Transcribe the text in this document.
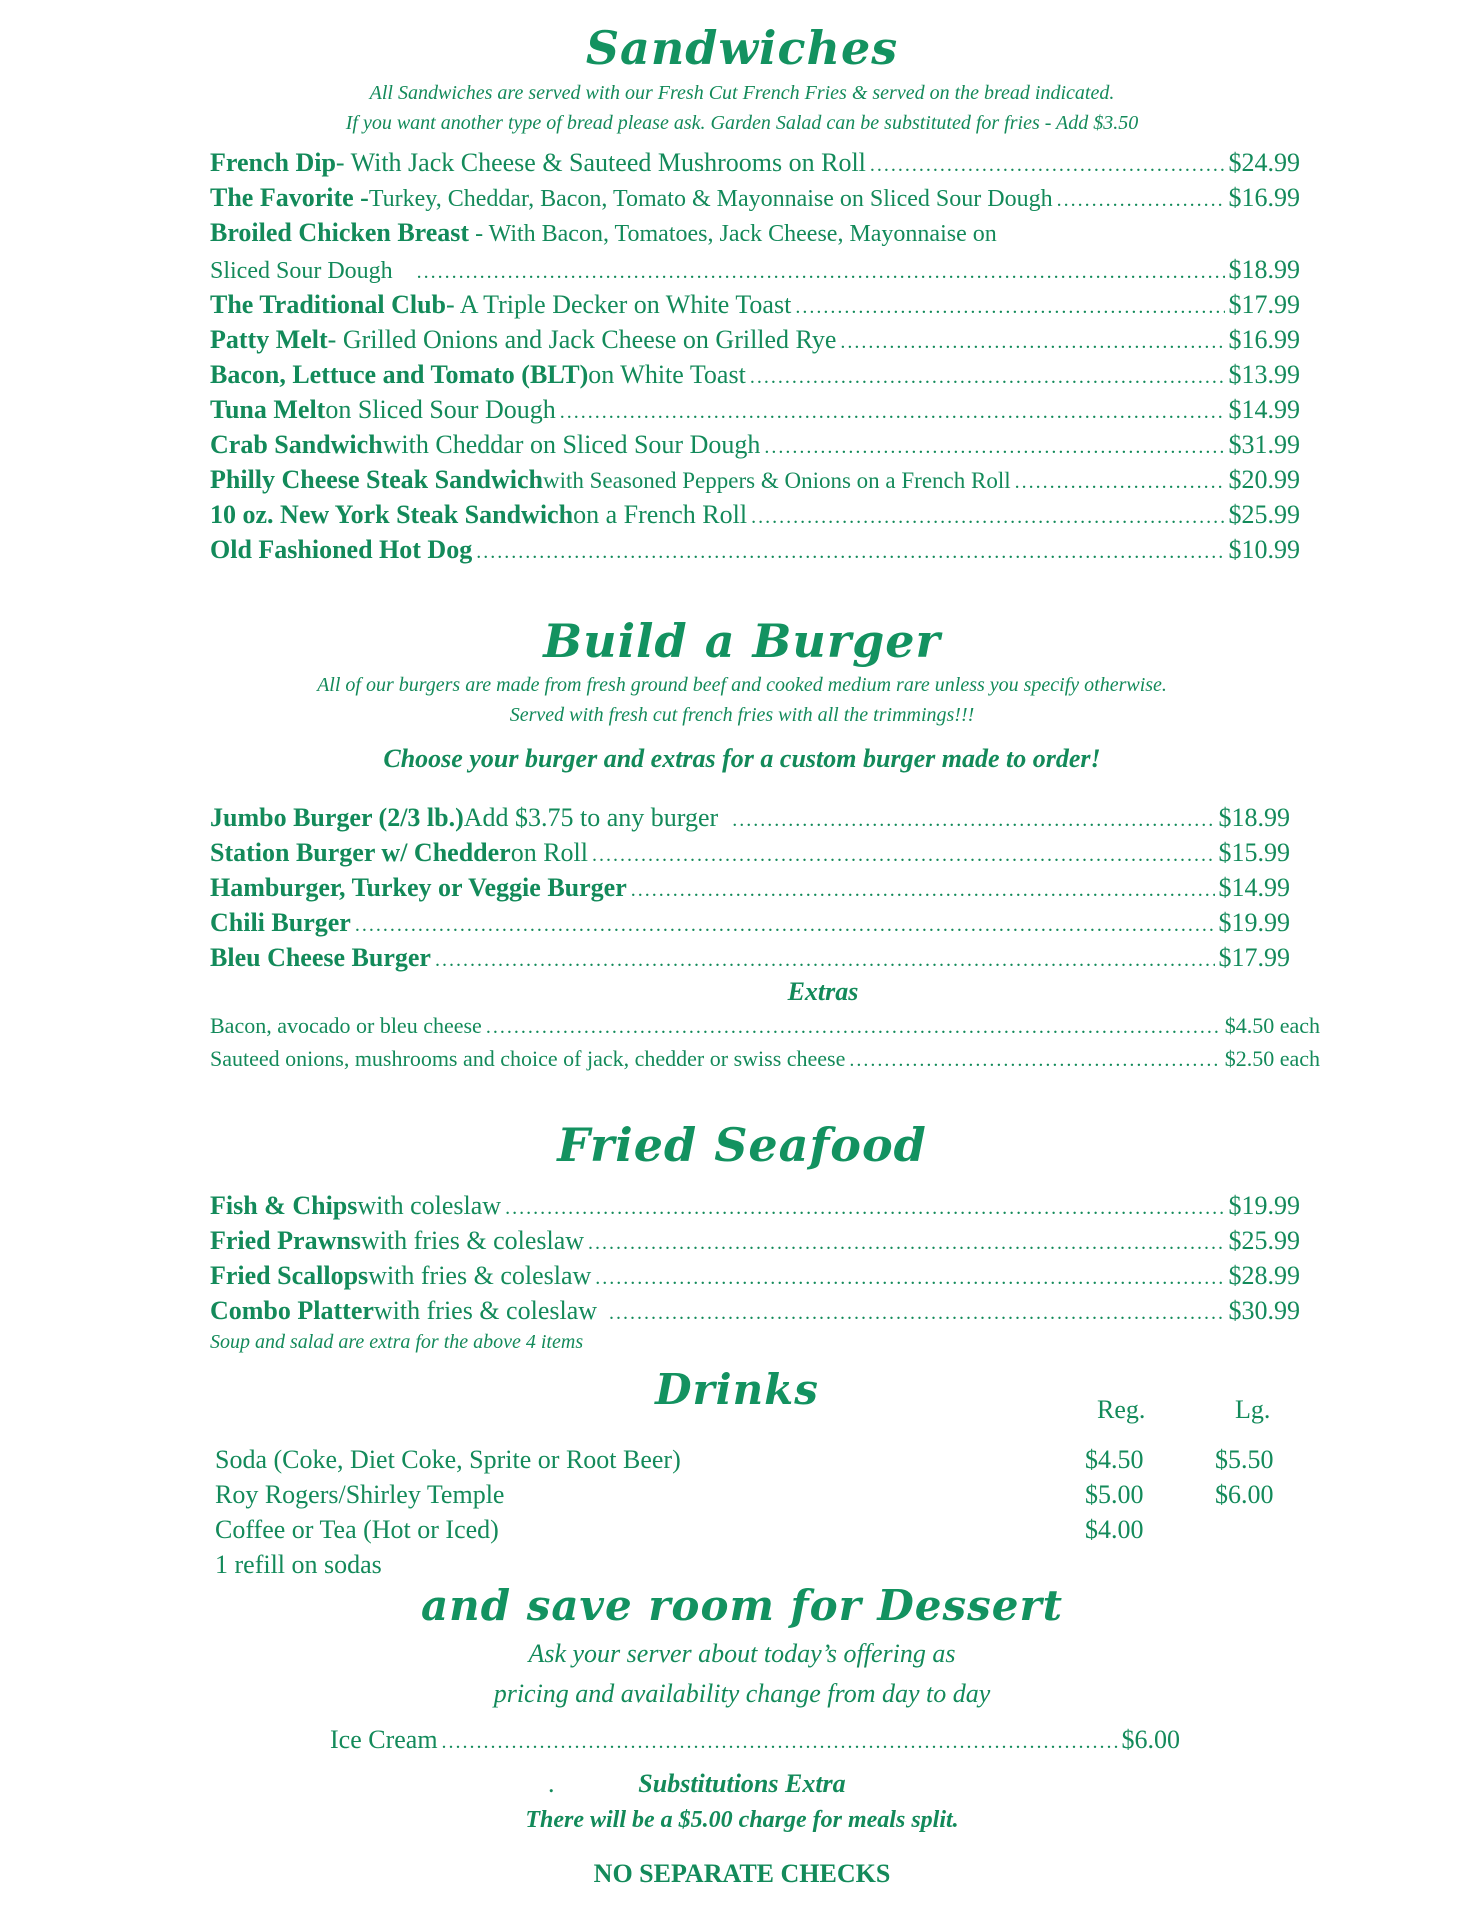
Sandwiches

All Sandwiches are served with our Fresh Cut French Fries & served on the bread indicated.

If you want another type of bread please ask. Garden Salad can be substituted for fries - Add $3.50

French Dip - With Jack Cheese & Sauteed Mushrooms on Roll .....	$24.99
The Favorite - Turkey, Cheddar, Bacon, Tomato & Mayonnaise on Sliced Sour Dough .....	$16.99
Broiled Chicken Breast - With Bacon, Tomatoes, Jack Cheese, Mayonnaise on
Sliced Sour Dough .....	$18.99
The Traditional Club - A Triple Decker on White Toast .....	$17.99
Patty Melt - Grilled Onions and Jack Cheese on Grilled Rye .....	$16.99
Bacon, Lettuce and Tomato (BLT) on White Toast .....	$13.99
Tuna Melt on Sliced Sour Dough .....	$14.99
Crab Sandwich with Cheddar on Sliced Sour Dough .....	$31.99
Philly Cheese Steak Sandwich with Seasoned Peppers & Onions on a French Roll .....	$20.99
10 oz. New York Steak Sandwich on a French Roll .....	$25.99
Old Fashioned Hot Dog .....	$10.99
Build a Burger

All of our burgers are made from fresh ground beef and cooked medium rare unless you specify otherwise.

Served with fresh cut french fries with all the trimmings!!!

Choose your burger and extras for a custom burger made to order!

Jumbo Burger (2/3 lb.) Add $3.75 to any burger .....	$18.99
Station Burger w/ Chedder on Roll .....	$15.99
Hamburger, Turkey or Veggie Burger .....	$14.99
Chili Burger .....	$19.99
Bleu Cheese Burger .....	$17.99
Extras
Bacon, avocado or bleu cheese .....	$4.50 each
Sauteed onions, mushrooms and choice of jack, chedder or swiss cheese .....	$2.50 each
Fried Seafood
Fish & Chips with coleslaw .....	$19.99
Fried Prawns with fries & coleslaw .....	$25.99
Fried Scallops with fries & coleslaw .....	$28.99
Combo Platter with fries & coleslaw .....	$30.99
Soup and salad are extra for the above 4 items
Drinks	Reg.	Lg.
Soda (Coke, Diet Coke, Sprite or Root Beer)	$4.50	$5.50
Roy Rogers/Shirley Temple	$5.00	$6.00
Coffee or Tea (Hot or Iced)	$4.00
1 refill on sodas
and save room for Dessert

Ask your server about today’s offering as

pricing and availability change from day to day

Ice Cream .....	$6.00
.	Substitutions Extra

There will be a $5.00 charge for meals split.

NO SEPARATE CHECKS
